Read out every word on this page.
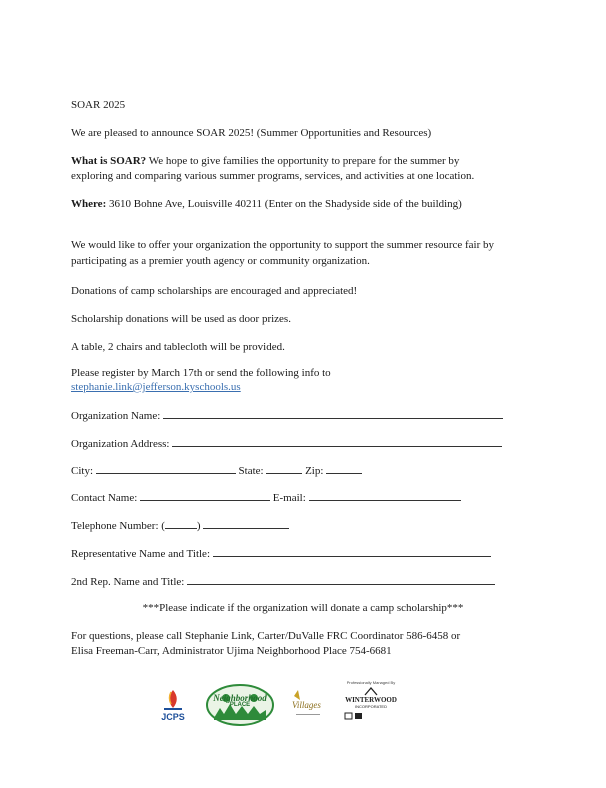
SOAR 2025
We are pleased to announce SOAR 2025! (Summer Opportunities and Resources)
What is SOAR? We hope to give families the opportunity to prepare for the summer by
exploring and comparing various summer programs, services, and activities at one location.
Where: 3610 Bohne Ave, Louisville 40211 (Enter on the Shadyside side of the building)
We would like to offer your organization the opportunity to support the summer resource fair by
participating as a premier youth agency or community organization.
Donations of camp scholarships are encouraged and appreciated!
Scholarship donations will be used as door prizes.
A table, 2 chairs and tablecloth will be provided.
Please register by March 17th or send the following info to
stephanie.link@jefferson.kyschools.us
Organization Name:
Organization Address:
City:	State:	Zip:
Contact Name:	E-mail:
Telephone Number: (	)
Representative Name and Title:
2nd Rep. Name and Title:
***Please indicate if the organization will donate a camp scholarship***
For questions, please call Stephanie Link, Carter/DuValle FRC Coordinator 586-6458 or
Elisa Freeman-Carr, Administrator Ujima Neighborhood Place 754-6681
JCPS
Neighborhood
PLACE	Villages
Professionally Managed By
WINTERWOOD
INCORPORATED
